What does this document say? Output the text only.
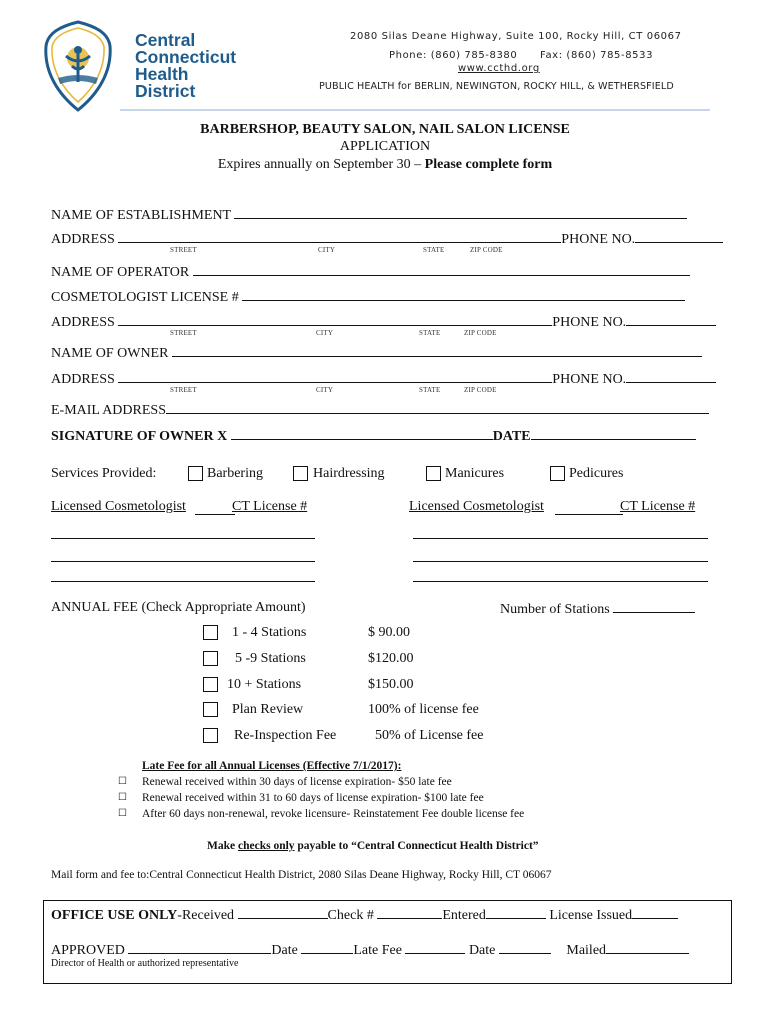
Central
Connecticut
Health
District
2080 Silas Deane Highway, Suite 100, Rocky Hill, CT 06067
Phone: (860) 785-8380      Fax: (860) 785-8533
www.ccthd.org
PUBLIC HEALTH for BERLIN, NEWINGTON, ROCKY HILL, & WETHERSFIELD
BARBERSHOP, BEAUTY SALON, NAIL SALON LICENSE
APPLICATION
Expires annually on September 30 – Please complete form
NAME OF ESTABLISHMENT
ADDRESS	PHONE NO.
STREET	CITY	STATE	ZIP CODE
NAME OF OPERATOR
COSMETOLOGIST LICENSE #
ADDRESS	PHONE NO.
STREET	CITY	STATE	ZIP CODE
NAME OF OWNER
ADDRESS	PHONE NO.
STREET	CITY	STATE	ZIP CODE
E-MAIL ADDRESS
SIGNATURE OF OWNER X	DATE
Services Provided:	Barbering	Hairdressing	Manicures	Pedicures
Licensed Cosmetologist	CT License #	Licensed Cosmetologist	CT License #
ANNUAL FEE (Check Appropriate Amount)	Number of Stations
1 - 4 Stations	$ 90.00
5 -9 Stations	$120.00
10 + Stations	$150.00
Plan Review	100% of license fee
Re-Inspection Fee	50% of License fee
Late Fee for all Annual Licenses (Effective 7/1/2017):
☐ Renewal received within 30 days of license expiration- $50 late fee
☐ Renewal received within 31 to 60 days of license expiration- $100 late fee
☐ After 60 days non-renewal, revoke licensure- Reinstatement Fee double license fee
Make checks only payable to “Central Connecticut Health District”
Mail form and fee to:Central Connecticut Health District, 2080 Silas Deane Highway, Rocky Hill, CT 06067
OFFICE USE ONLY-Received	Check #	Entered	License Issued
APPROVED	Date	Late Fee	Date	Mailed
Director of Health or authorized representative
